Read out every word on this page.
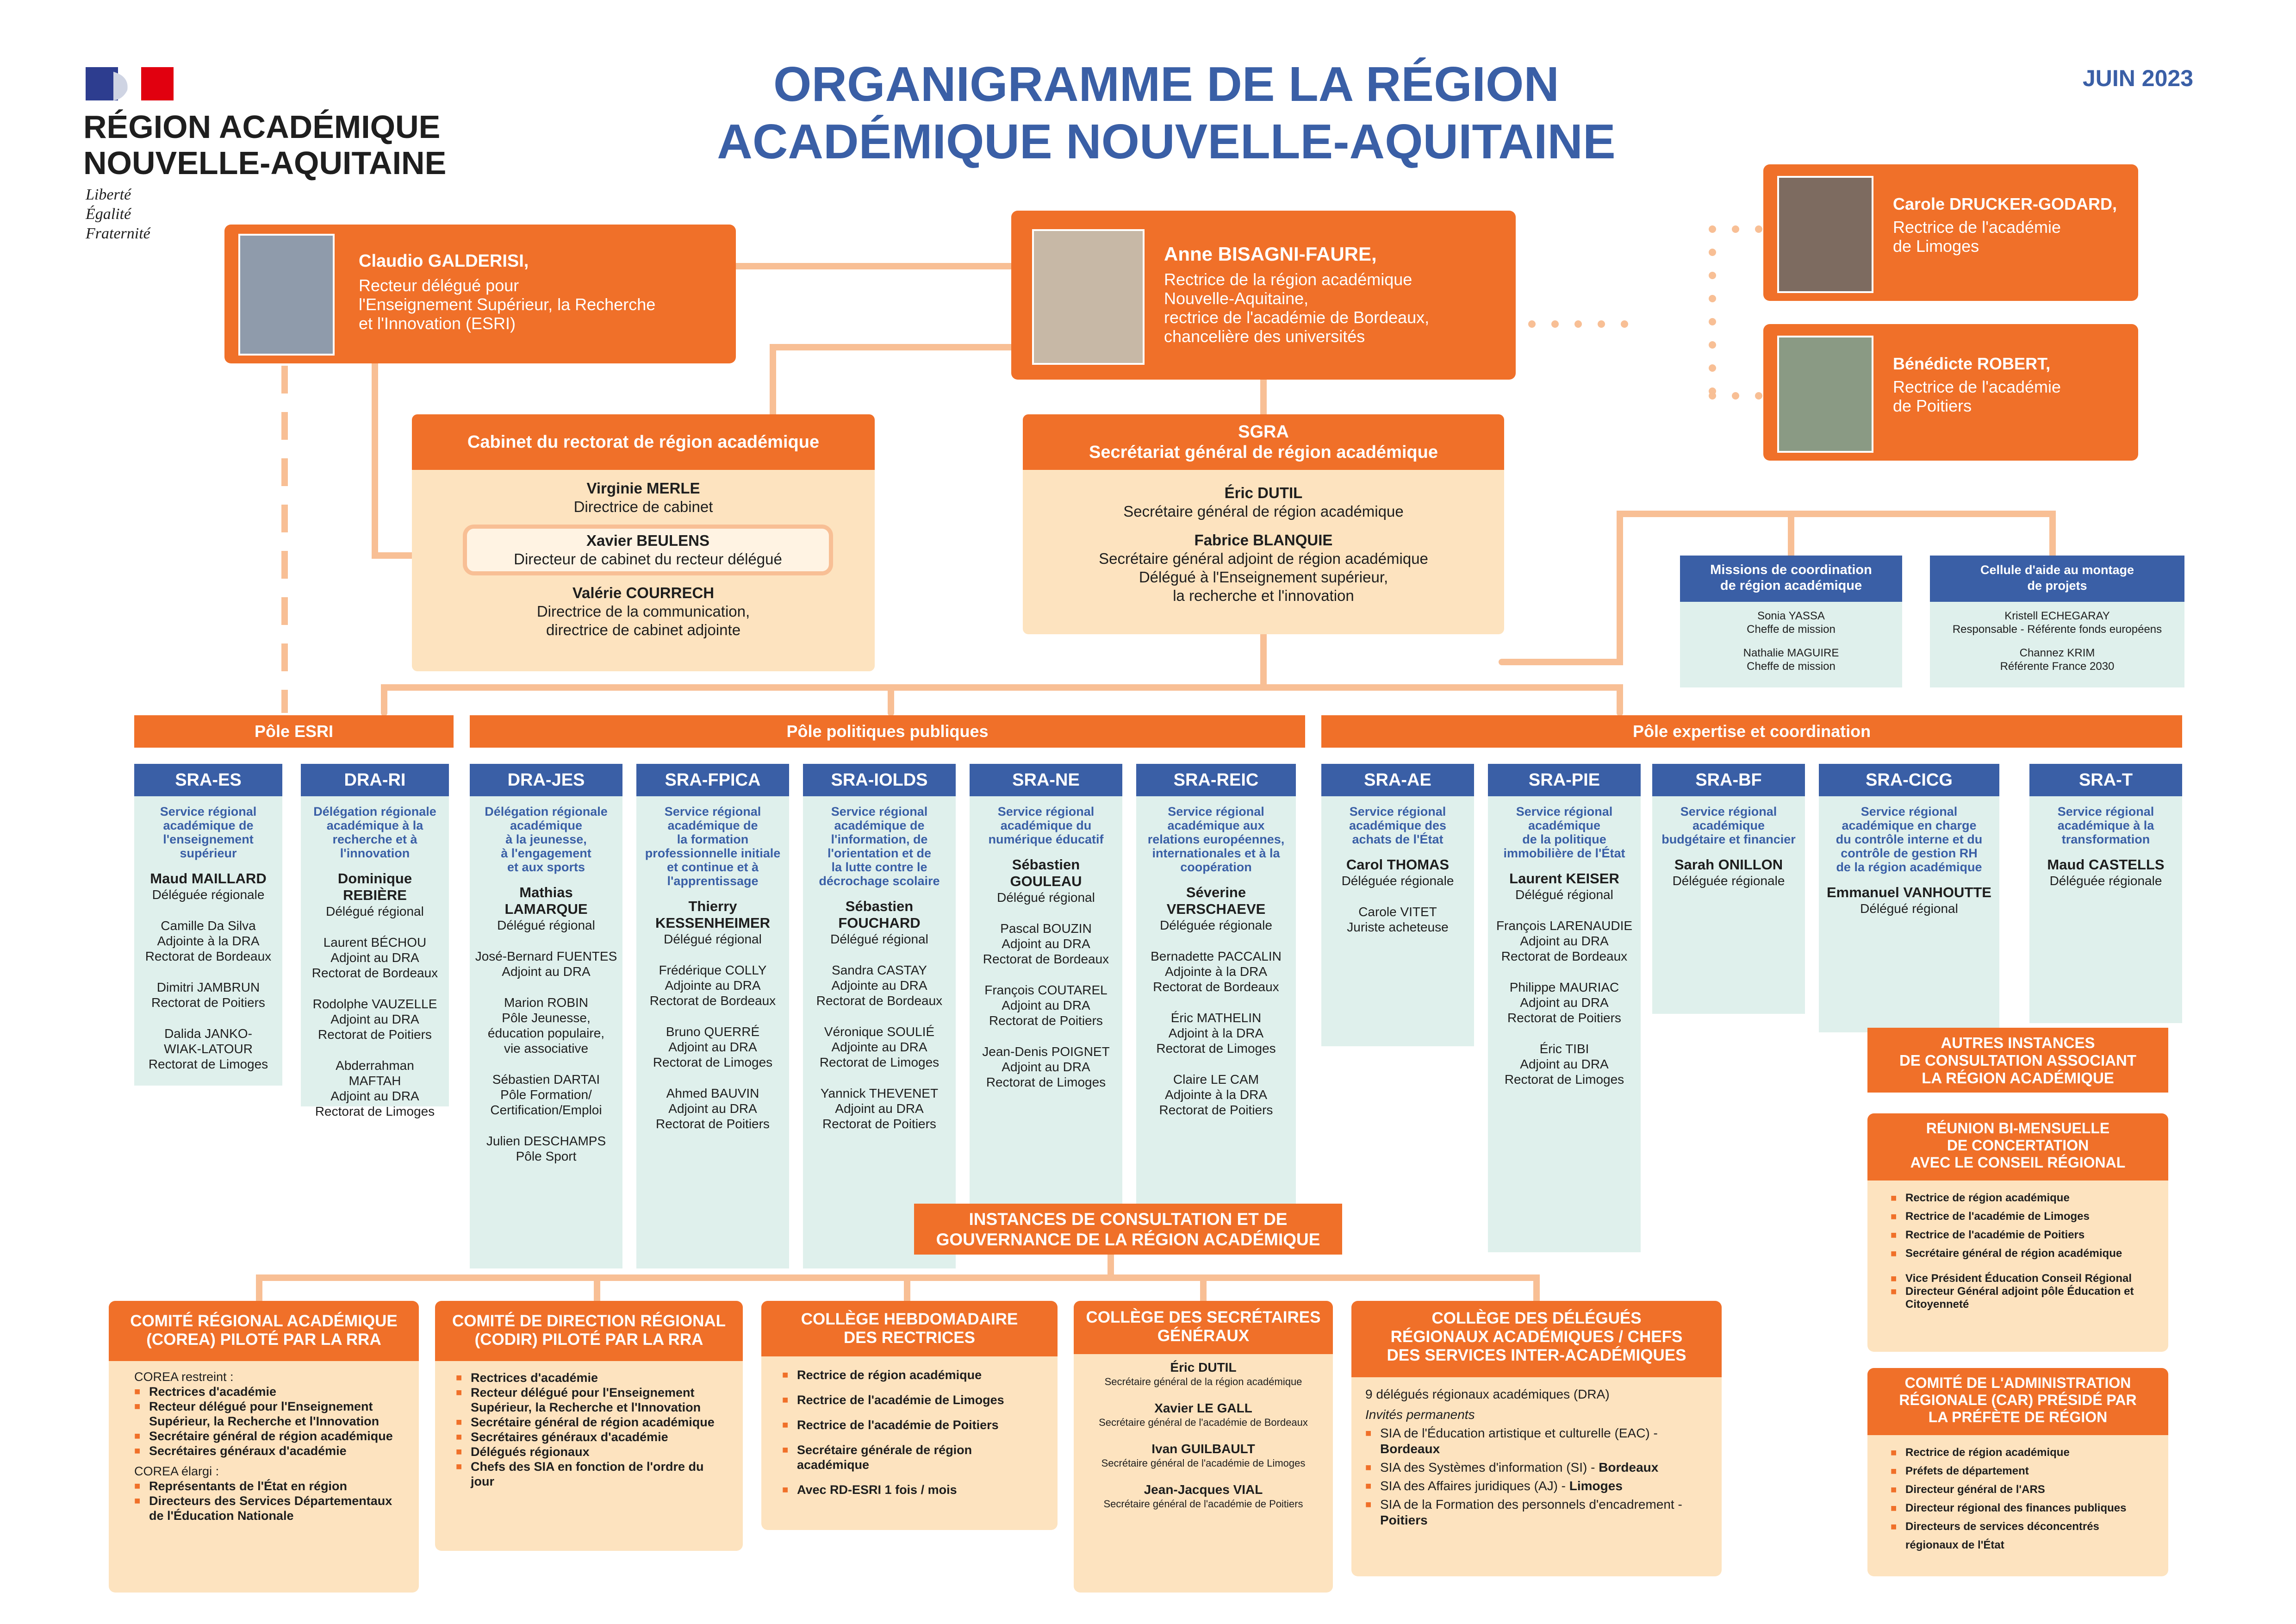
RÉGION ACADÉMIQUE
NOUVELLE-AQUITAINE
Liberté
Égalité
Fraternité
ORGANIGRAMME DE LA RÉGION
ACADÉMIQUE NOUVELLE-AQUITAINE
JUIN 2023
Claudio GALDERISI,
Recteur délégué pour
l'Enseignement Supérieur, la Recherche
et l'Innovation (ESRI)
Anne BISAGNI-FAURE,
Rectrice de la région académique
Nouvelle-Aquitaine,
rectrice de l'académie de Bordeaux,
chancelière des universités
Carole DRUCKER-GODARD,
Rectrice de l'académie
de Limoges
Bénédicte ROBERT,
Rectrice de l'académie
de Poitiers
Cabinet du rectorat de région académique
Virginie MERLE
Directrice de cabinet
Xavier BEULENS
Directeur de cabinet du recteur délégué
Valérie COURRECH
Directrice de la communication,
directrice de cabinet adjointe
SGRA
Secrétariat général de région académique
Éric DUTIL
Secrétaire général de région académique
Fabrice BLANQUIE
Secrétaire général adjoint de région académique
Délégué à l'Enseignement supérieur,
la recherche et l'innovation
Missions de coordination
de région académique
Sonia YASSA
Cheffe de mission
Nathalie MAGUIRE
Cheffe de mission
Cellule d'aide au montage
de projets
Kristell ECHEGARAY
Responsable - Référente fonds européens
Channez KRIM
Référente France 2030
Pôle ESRI	Pôle politiques publiques	Pôle expertise et coordination
SRA-ES
Service régional
académique de
l'enseignement
supérieur
Maud MAILLARD
Déléguée régionale
Camille Da Silva
Adjointe à la DRA
Rectorat de Bordeaux
Dimitri JAMBRUN
Rectorat de Poitiers
Dalida JANKO-
WIAK-LATOUR
Rectorat de Limoges
DRA-RI
Délégation régionale
académique à la
recherche et à
l'innovation
Dominique
REBIÈRE
Délégué régional
Laurent BÉCHOU
Adjoint au DRA
Rectorat de Bordeaux
Rodolphe VAUZELLE
Adjoint au DRA
Rectorat de Poitiers
Abderrahman
MAFTAH
Adjoint au DRA
Rectorat de Limoges
DRA-JES
Délégation régionale
académique
à la jeunesse,
à l'engagement
et aux sports
Mathias
LAMARQUE
Délégué régional
José-Bernard FUENTES
Adjoint au DRA
Marion ROBIN
Pôle Jeunesse,
éducation populaire,
vie associative
Sébastien DARTAI
Pôle Formation/
Certification/Emploi
Julien DESCHAMPS
Pôle Sport
SRA-FPICA
Service régional
académique de
la formation
professionnelle initiale
et continue et à
l'apprentissage
Thierry
KESSENHEIMER
Délégué régional
Frédérique COLLY
Adjointe au DRA
Rectorat de Bordeaux
Bruno QUERRÉ
Adjoint au DRA
Rectorat de Limoges
Ahmed BAUVIN
Adjoint au DRA
Rectorat de Poitiers
SRA-IOLDS
Service régional
académique de
l'information, de
l'orientation et de
la lutte contre le
décrochage scolaire
Sébastien
FOUCHARD
Délégué régional
Sandra CASTAY
Adjointe au DRA
Rectorat de Bordeaux
Véronique SOULIÉ
Adjointe au DRA
Rectorat de Limoges
Yannick THEVENET
Adjoint au DRA
Rectorat de Poitiers
SRA-NE
Service régional
académique du
numérique éducatif
Sébastien
GOULEAU
Délégué régional
Pascal BOUZIN
Adjoint au DRA
Rectorat de Bordeaux
François COUTAREL
Adjoint au DRA
Rectorat de Poitiers
Jean-Denis POIGNET
Adjoint au DRA
Rectorat de Limoges
SRA-REIC
Service régional
académique aux
relations européennes,
internationales et à la
coopération
Séverine
VERSCHAEVE
Déléguée régionale
Bernadette PACCALIN
Adjointe à la DRA
Rectorat de Bordeaux
Éric MATHELIN
Adjoint à la DRA
Rectorat de Limoges
Claire LE CAM
Adjointe à la DRA
Rectorat de Poitiers
SRA-AE
Service régional
académique des
achats de l'État
Carol THOMAS
Déléguée régionale
Carole VITET
Juriste acheteuse
SRA-PIE
Service régional
académique
de la politique
immobilière de l'État
Laurent KEISER
Délégué régional
François LARENAUDIE
Adjoint au DRA
Rectorat de Bordeaux
Philippe MAURIAC
Adjoint au DRA
Rectorat de Poitiers
Éric TIBI
Adjoint au DRA
Rectorat de Limoges
SRA-BF
Service régional
académique
budgétaire et financier
Sarah ONILLON
Déléguée régionale
SRA-CICG
Service régional
académique en charge
du contrôle interne et du
contrôle de gestion RH
de la région académique
Emmanuel VANHOUTTE
Délégué régional
SRA-T
Service régional
académique à la
transformation
Maud CASTELLS
Déléguée régionale
INSTANCES DE CONSULTATION ET DE
GOUVERNANCE DE LA RÉGION ACADÉMIQUE
COMITÉ RÉGIONAL ACADÉMIQUE
(COREA) PILOTÉ PAR LA RRA
COREA restreint :
■ Rectrices d'académie
■ Recteur délégué pour l'Enseignement Supérieur, la Recherche et l'Innovation
■ Secrétaire général de région académique
■ Secrétaires généraux d'académie
COREA élargi :
■ Représentants de l'État en région
■ Directeurs des Services Départementaux de l'Éducation Nationale
COMITÉ DE DIRECTION RÉGIONAL
(CODIR) PILOTÉ PAR LA RRA
■ Rectrices d'académie
■ Recteur délégué pour l'Enseignement Supérieur, la Recherche et l'Innovation
■ Secrétaire général de région académique
■ Secrétaires généraux d'académie
■ Délégués régionaux
■ Chefs des SIA en fonction de l'ordre du jour
COLLÈGE HEBDOMADAIRE
DES RECTRICES
■ Rectrice de région académique
■ Rectrice de l'académie de Limoges
■ Rectrice de l'académie de Poitiers
■ Secrétaire générale de région académique
■ Avec RD-ESRI 1 fois / mois
COLLÈGE DES SECRÉTAIRES
GÉNÉRAUX
Éric DUTIL
Secrétaire général de la région académique
Xavier LE GALL
Secrétaire général de l'académie de Bordeaux
Ivan GUILBAULT
Secrétaire général de l'académie de Limoges
Jean-Jacques VIAL
Secrétaire général de l'académie de Poitiers
COLLÈGE DES DÉLÉGUÉS
RÉGIONAUX ACADÉMIQUES / CHEFS
DES SERVICES INTER-ACADÉMIQUES
9 délégués régionaux académiques (DRA)
Invités permanents
■ SIA de l'Éducation artistique et culturelle (EAC) - Bordeaux
■ SIA des Systèmes d'information (SI) - Bordeaux
■ SIA des Affaires juridiques (AJ) - Limoges
■ SIA de la Formation des personnels d'encadrement - Poitiers
AUTRES INSTANCES
DE CONSULTATION ASSOCIANT
LA RÉGION ACADÉMIQUE
RÉUNION BI-MENSUELLE
DE CONCERTATION
AVEC LE CONSEIL RÉGIONAL
■ Rectrice de région académique
■ Rectrice de l'académie de Limoges
■ Rectrice de l'académie de Poitiers
■ Secrétaire général de région académique
■ Vice Président Éducation Conseil Régional
■ Directeur Général adjoint pôle Éducation et Citoyenneté
COMITÉ DE L'ADMINISTRATION
RÉGIONALE (CAR) PRÉSIDÉ PAR
LA PRÉFÈTE DE RÉGION
■ Rectrice de région académique
■ Préfets de département
■ Directeur général de l'ARS
■ Directeur régional des finances publiques
■ Directeurs de services déconcentrés régionaux de l'État
